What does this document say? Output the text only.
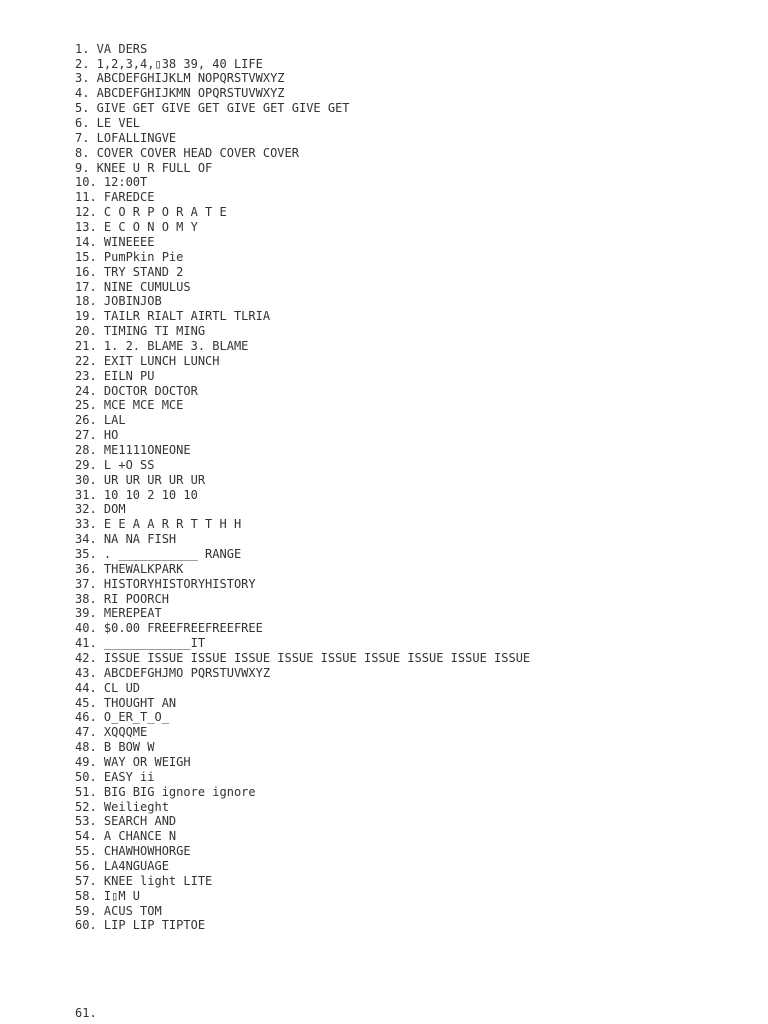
1. VA DERS
2. 1,2,3,4,▯38 39, 40 LIFE
3. ABCDEFGHIJKLM NOPQRSTVWXYZ
4. ABCDEFGHIJKMN OPQRSTUVWXYZ
5. GIVE GET GIVE GET GIVE GET GIVE GET
6. LE VEL
7. LOFALLINGVE
8. COVER COVER HEAD COVER COVER
9. KNEE U R FULL OF
10. 12:00T
11. FAREDCE
12. C O R P O R A T E
13. E C O N O M Y
14. WINEEEE
15. PumPkin Pie
16. TRY STAND 2
17. NINE CUMULUS
18. JOBINJOB
19. TAILR RIALT AIRTL TLRIA
20. TIMING TI MING
21. 1. 2. BLAME 3. BLAME
22. EXIT LUNCH LUNCH
23. EILN PU
24. DOCTOR DOCTOR
25. MCE MCE MCE
26. LAL
27. HO
28. ME1111ONEONE
29. L +O SS
30. UR UR UR UR UR
31. 10 10 2 10 10
32. DOM
33. E E A A R R T T H H
34. NA NA FISH
35. . ___________ RANGE
36. THEWALKPARK
37. HISTORYHISTORYHISTORY
38. RI POORCH
39. MEREPEAT
40. $0.00 FREEFREEFREEFREE
41. ____________IT
42. ISSUE ISSUE ISSUE ISSUE ISSUE ISSUE ISSUE ISSUE ISSUE ISSUE
43. ABCDEFGHJMO PQRSTUVWXYZ
44. CL UD
45. THOUGHT AN
46. O_ER_T_O_
47. XQQQME
48. B BOW W
49. WAY OR WEIGH
50. EASY ii
51. BIG BIG ignore ignore
52. Weilieght
53. SEARCH AND
54. A CHANCE N
55. CHAWHOWHORGE
56. LA4NGUAGE
57. KNEE light LITE
58. I▯M U
59. ACUS TOM
60. LIP LIP TIPTOE
61.
